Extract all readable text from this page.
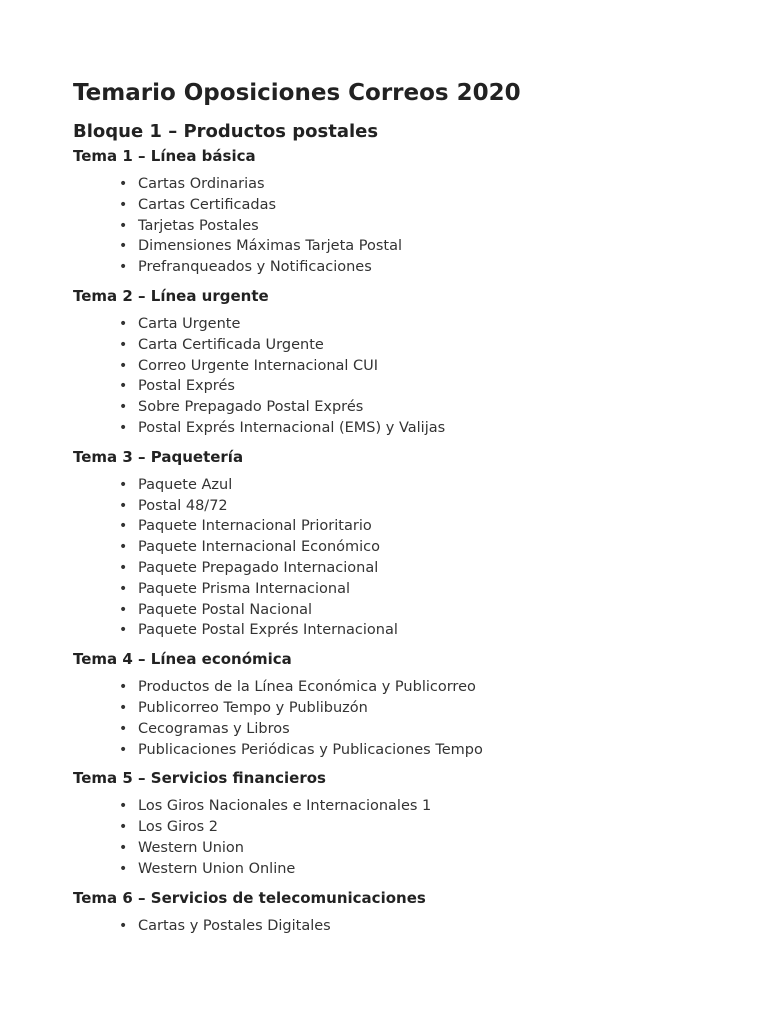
Temario Oposiciones Correos 2020
Bloque 1 – Productos postales
Tema 1 – Línea básica
• Cartas Ordinarias
• Cartas Certificadas
• Tarjetas Postales
• Dimensiones Máximas Tarjeta Postal
• Prefranqueados y Notificaciones
Tema 2 – Línea urgente
• Carta Urgente
• Carta Certificada Urgente
• Correo Urgente Internacional CUI
• Postal Exprés
• Sobre Prepagado Postal Exprés
• Postal Exprés Internacional (EMS) y Valijas
Tema 3 – Paquetería
• Paquete Azul
• Postal 48/72
• Paquete Internacional Prioritario
• Paquete Internacional Económico
• Paquete Prepagado Internacional
• Paquete Prisma Internacional
• Paquete Postal Nacional
• Paquete Postal Exprés Internacional
Tema 4 – Línea económica
• Productos de la Línea Económica y Publicorreo
• Publicorreo Tempo y Publibuzón
• Cecogramas y Libros
• Publicaciones Periódicas y Publicaciones Tempo
Tema 5 – Servicios financieros
• Los Giros Nacionales e Internacionales 1
• Los Giros 2
• Western Union
• Western Union Online
Tema 6 – Servicios de telecomunicaciones
• Cartas y Postales Digitales
